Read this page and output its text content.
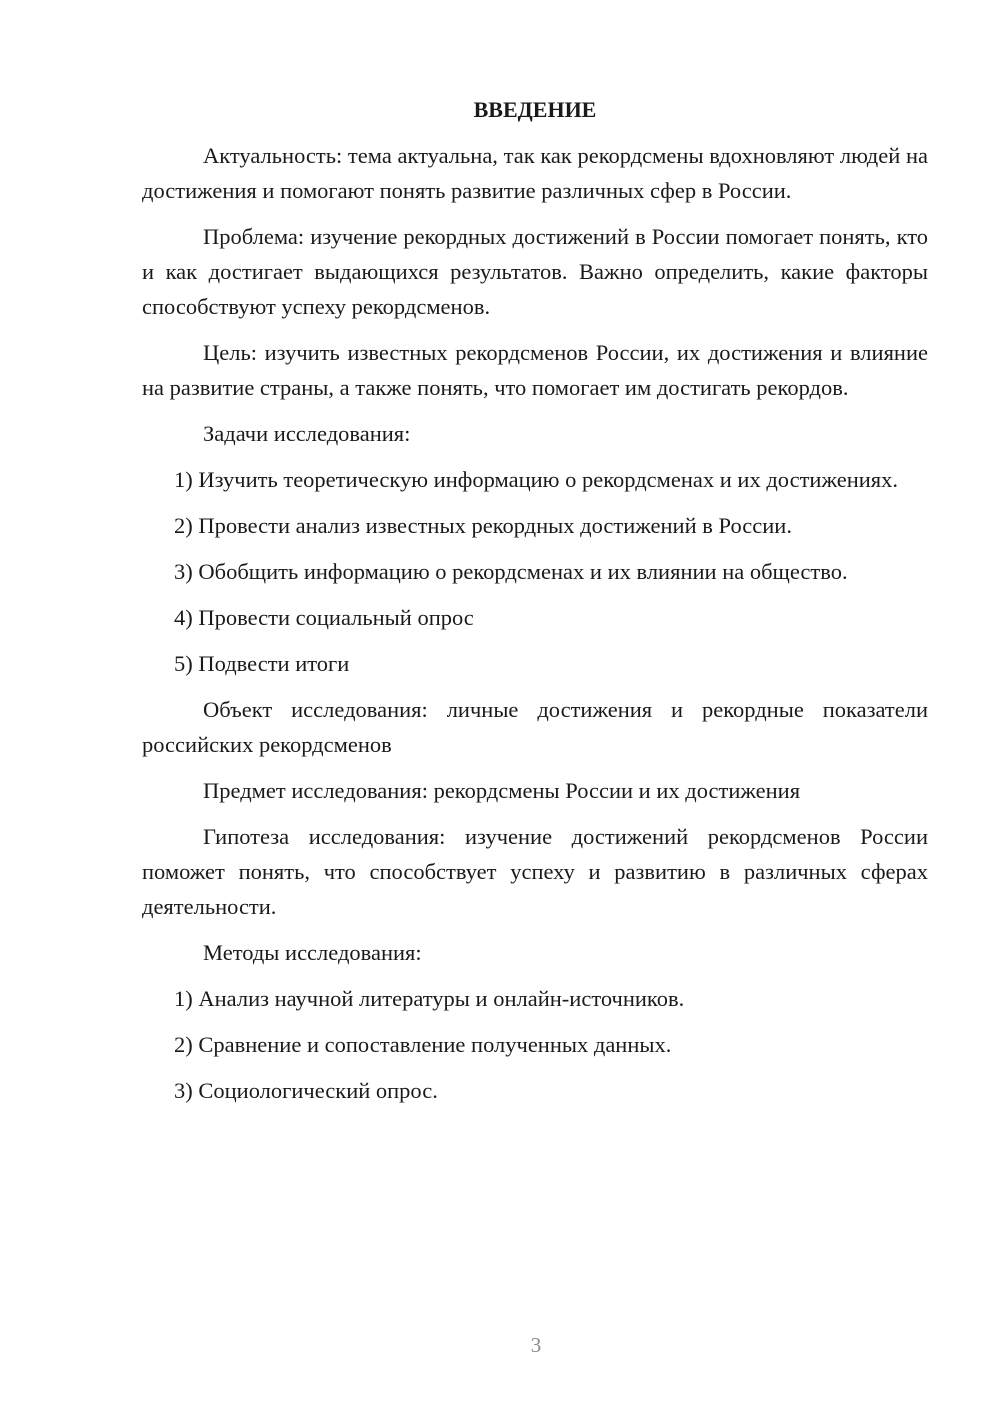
ВВЕДЕНИЕ
Актуальность: тема актуальна, так как рекордсмены вдохновляют людей на достижения и помогают понять развитие различных сфер в России.
Проблема: изучение рекордных достижений в России помогает понять, кто и как достигает выдающихся результатов. Важно определить, какие факторы способствуют успеху рекордсменов.
Цель: изучить известных рекордсменов России, их достижения и влияние на развитие страны, а также понять, что помогает им достигать рекордов.
Задачи исследования:
1) Изучить теоретическую информацию о рекордсменах и их достижениях.
2) Провести анализ известных рекордных достижений в России.
3) Обобщить информацию о рекордсменах и их влиянии на общество.
4) Провести социальный опрос
5) Подвести итоги
Объект исследования: личные достижения и рекордные показатели российских рекордсменов
Предмет исследования: рекордсмены России и их достижения
Гипотеза исследования: изучение достижений рекордсменов России поможет понять, что способствует успеху и развитию в различных сферах деятельности.
Методы исследования:
1) Анализ научной литературы и онлайн-источников.
2) Сравнение и сопоставление полученных данных.
3) Социологический опрос.
3
